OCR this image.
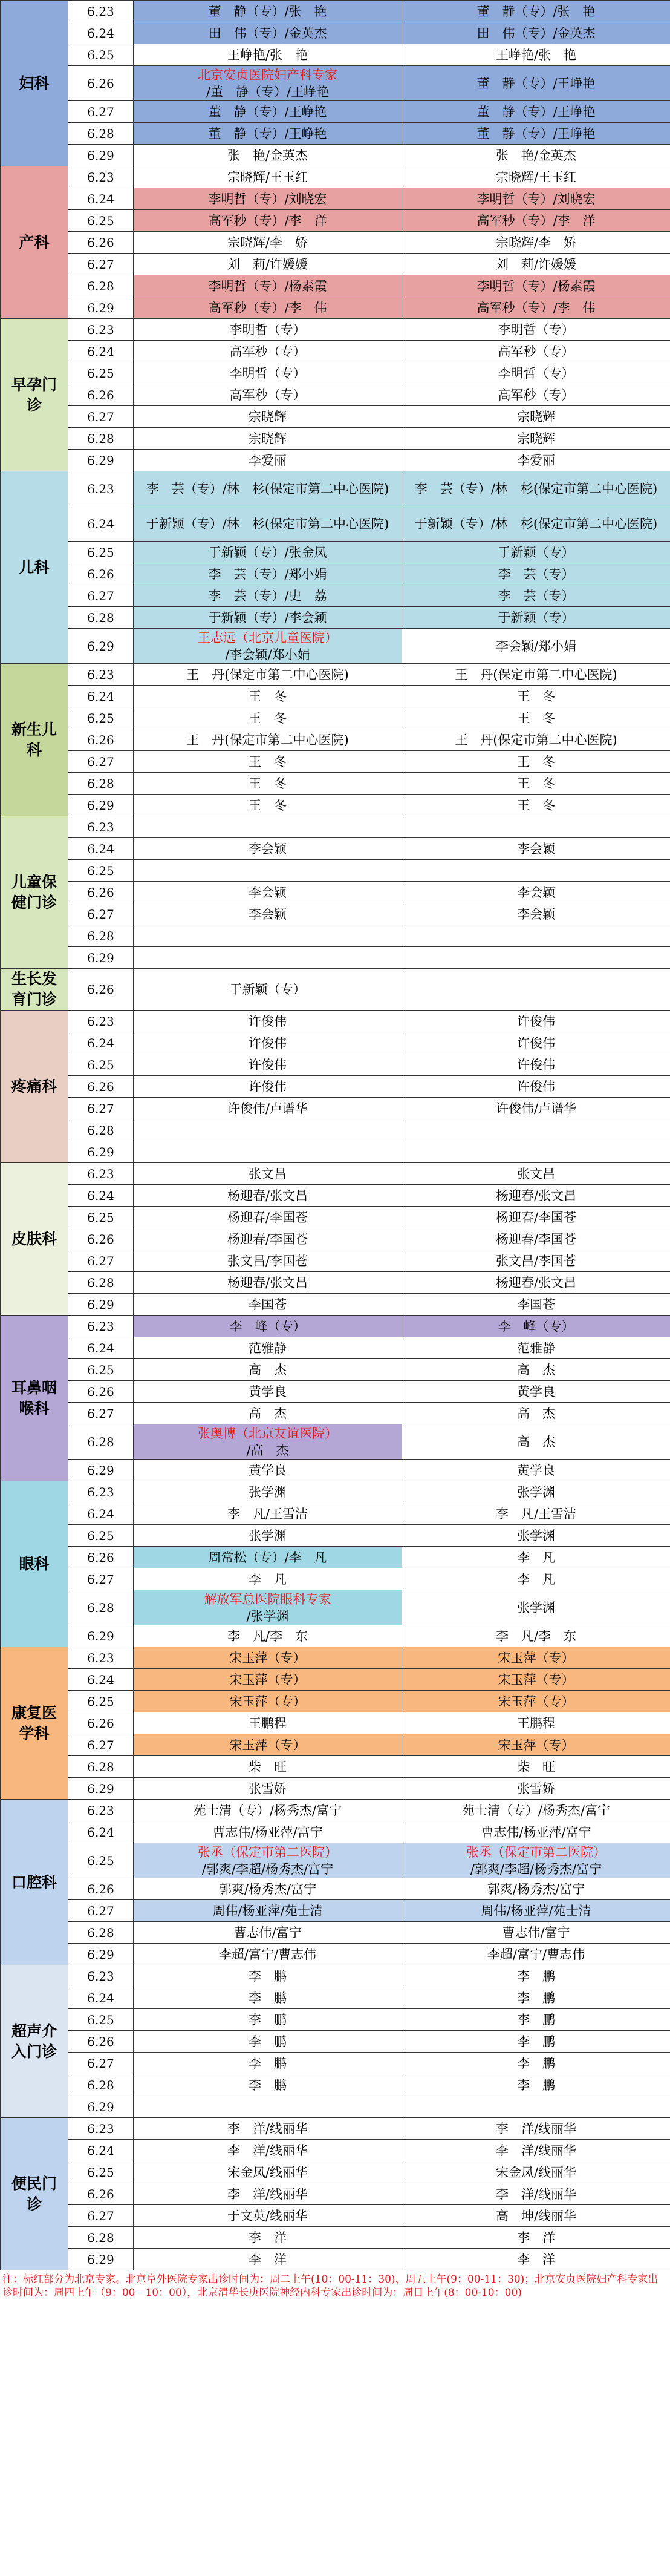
妇科	6.23	董　静（专）/张　艳	董　静（专）/张　艳
	6.24	田　伟（专）/金英杰	田　伟（专）/金英杰
	6.25	王峥艳/张　艳	王峥艳/张　艳
	6.26	北京安贞医院妇产科专家
/董　静（专）/王峥艳	董　静（专）/王峥艳
	6.27	董　静（专）/王峥艳	董　静（专）/王峥艳
	6.28	董　静（专）/王峥艳	董　静（专）/王峥艳
	6.29	张　艳/金英杰	张　艳/金英杰
产科	6.23	宗晓辉/王玉红	宗晓辉/王玉红
	6.24	李明哲（专）/刘晓宏	李明哲（专）/刘晓宏
	6.25	高军秒（专）/李　洋	高军秒（专）/李　洋
	6.26	宗晓辉/李　娇	宗晓辉/李　娇
	6.27	刘　莉/许媛媛	刘　莉/许媛媛
	6.28	李明哲（专）/杨素霞	李明哲（专）/杨素霞
	6.29	高军秒（专）/李　伟	高军秒（专）/李　伟
早孕门诊	6.23	李明哲（专）	李明哲（专）
	6.24	高军秒（专）	高军秒（专）
	6.25	李明哲（专）	李明哲（专）
	6.26	高军秒（专）	高军秒（专）
	6.27	宗晓辉	宗晓辉
	6.28	宗晓辉	宗晓辉
	6.29	李爱丽	李爱丽
儿科	6.23	李　芸（专）/林　杉(保定市第二中心医院)	李　芸（专）/林　杉(保定市第二中心医院)
	6.24	于新颖（专）/林　杉(保定市第二中心医院)	于新颖（专）/林　杉(保定市第二中心医院)
	6.25	于新颖（专）/张金凤	于新颖（专）
	6.26	李　芸（专）/郑小娟	李　芸（专）
	6.27	李　芸（专）/史　荔	李　芸（专）
	6.28	于新颖（专）/李会颖	于新颖（专）
	6.29	王志远（北京儿童医院）
/李会颖/郑小娟	李会颖/郑小娟
新生儿科	6.23	王　丹(保定市第二中心医院)	王　丹(保定市第二中心医院)
	6.24	王　冬	王　冬
	6.25	王　冬	王　冬
	6.26	王　丹(保定市第二中心医院)	王　丹(保定市第二中心医院)
	6.27	王　冬	王　冬
	6.28	王　冬	王　冬
	6.29	王　冬	王　冬
儿童保健门诊	6.23		
	6.24	李会颖	李会颖
	6.25		
	6.26	李会颖	李会颖
	6.27	李会颖	李会颖
	6.28		
	6.29		
生长发育门诊	6.26	于新颖（专）	
疼痛科	6.23	许俊伟	许俊伟
	6.24	许俊伟	许俊伟
	6.25	许俊伟	许俊伟
	6.26	许俊伟	许俊伟
	6.27	许俊伟/卢谱华	许俊伟/卢谱华
	6.28		
	6.29		
皮肤科	6.23	张文昌	张文昌
	6.24	杨迎春/张文昌	杨迎春/张文昌
	6.25	杨迎春/李国苍	杨迎春/李国苍
	6.26	杨迎春/李国苍	杨迎春/李国苍
	6.27	张文昌/李国苍	张文昌/李国苍
	6.28	杨迎春/张文昌	杨迎春/张文昌
	6.29	李国苍	李国苍
耳鼻咽喉科	6.23	李　峰（专）	李　峰（专）
	6.24	范雅静	范雅静
	6.25	高　杰	高　杰
	6.26	黄学良	黄学良
	6.27	高　杰	高　杰
	6.28	张奥博（北京友谊医院）
/高　杰	高　杰
	6.29	黄学良	黄学良
眼科	6.23	张学渊	张学渊
	6.24	李　凡/王雪洁	李　凡/王雪洁
	6.25	张学渊	张学渊
	6.26	周常松（专）/李　凡	李　凡
	6.27	李　凡	李　凡
	6.28	解放军总医院眼科专家
/张学渊	张学渊
	6.29	李　凡/李　东	李　凡/李　东
康复医学科	6.23	宋玉萍（专）	宋玉萍（专）
	6.24	宋玉萍（专）	宋玉萍（专）
	6.25	宋玉萍（专）	宋玉萍（专）
	6.26	王鹏程	王鹏程
	6.27	宋玉萍（专）	宋玉萍（专）
	6.28	柴　旺	柴　旺
	6.29	张雪娇	张雪娇
口腔科	6.23	苑士清（专）/杨秀杰/富宁	苑士清（专）/杨秀杰/富宁
	6.24	曹志伟/杨亚萍/富宁	曹志伟/杨亚萍/富宁
	6.25	张丞（保定市第二医院）
/郭爽/李超/杨秀杰/富宁	张丞（保定市第二医院）
/郭爽/李超/杨秀杰/富宁
	6.26	郭爽/杨秀杰/富宁	郭爽/杨秀杰/富宁
	6.27	周伟/杨亚萍/苑士清	周伟/杨亚萍/苑士清
	6.28	曹志伟/富宁	曹志伟/富宁
	6.29	李超/富宁/曹志伟	李超/富宁/曹志伟
超声介入门诊	6.23	李　鹏	李　鹏
	6.24	李　鹏	李　鹏
	6.25	李　鹏	李　鹏
	6.26	李　鹏	李　鹏
	6.27	李　鹏	李　鹏
	6.28	李　鹏	李　鹏
	6.29		
便民门诊	6.23	李　洋/线丽华	李　洋/线丽华
	6.24	李　洋/线丽华	李　洋/线丽华
	6.25	宋金凤/线丽华	宋金凤/线丽华
	6.26	李　洋/线丽华	李　洋/线丽华
	6.27	于文英/线丽华	高　坤/线丽华
	6.28	李　洋	李　洋
	6.29	李　洋	李　洋
注：标红部分为北京专家。北京阜外医院专家出诊时间为：周二上午(10：00-11：30)、周五上午(9：00-11：30)；北京安贞医院妇产科专家出诊时间为：周四上午（9：00－10：00），北京清华长庚医院神经内科专家出诊时间为：周日上午(8：00-10：00)
